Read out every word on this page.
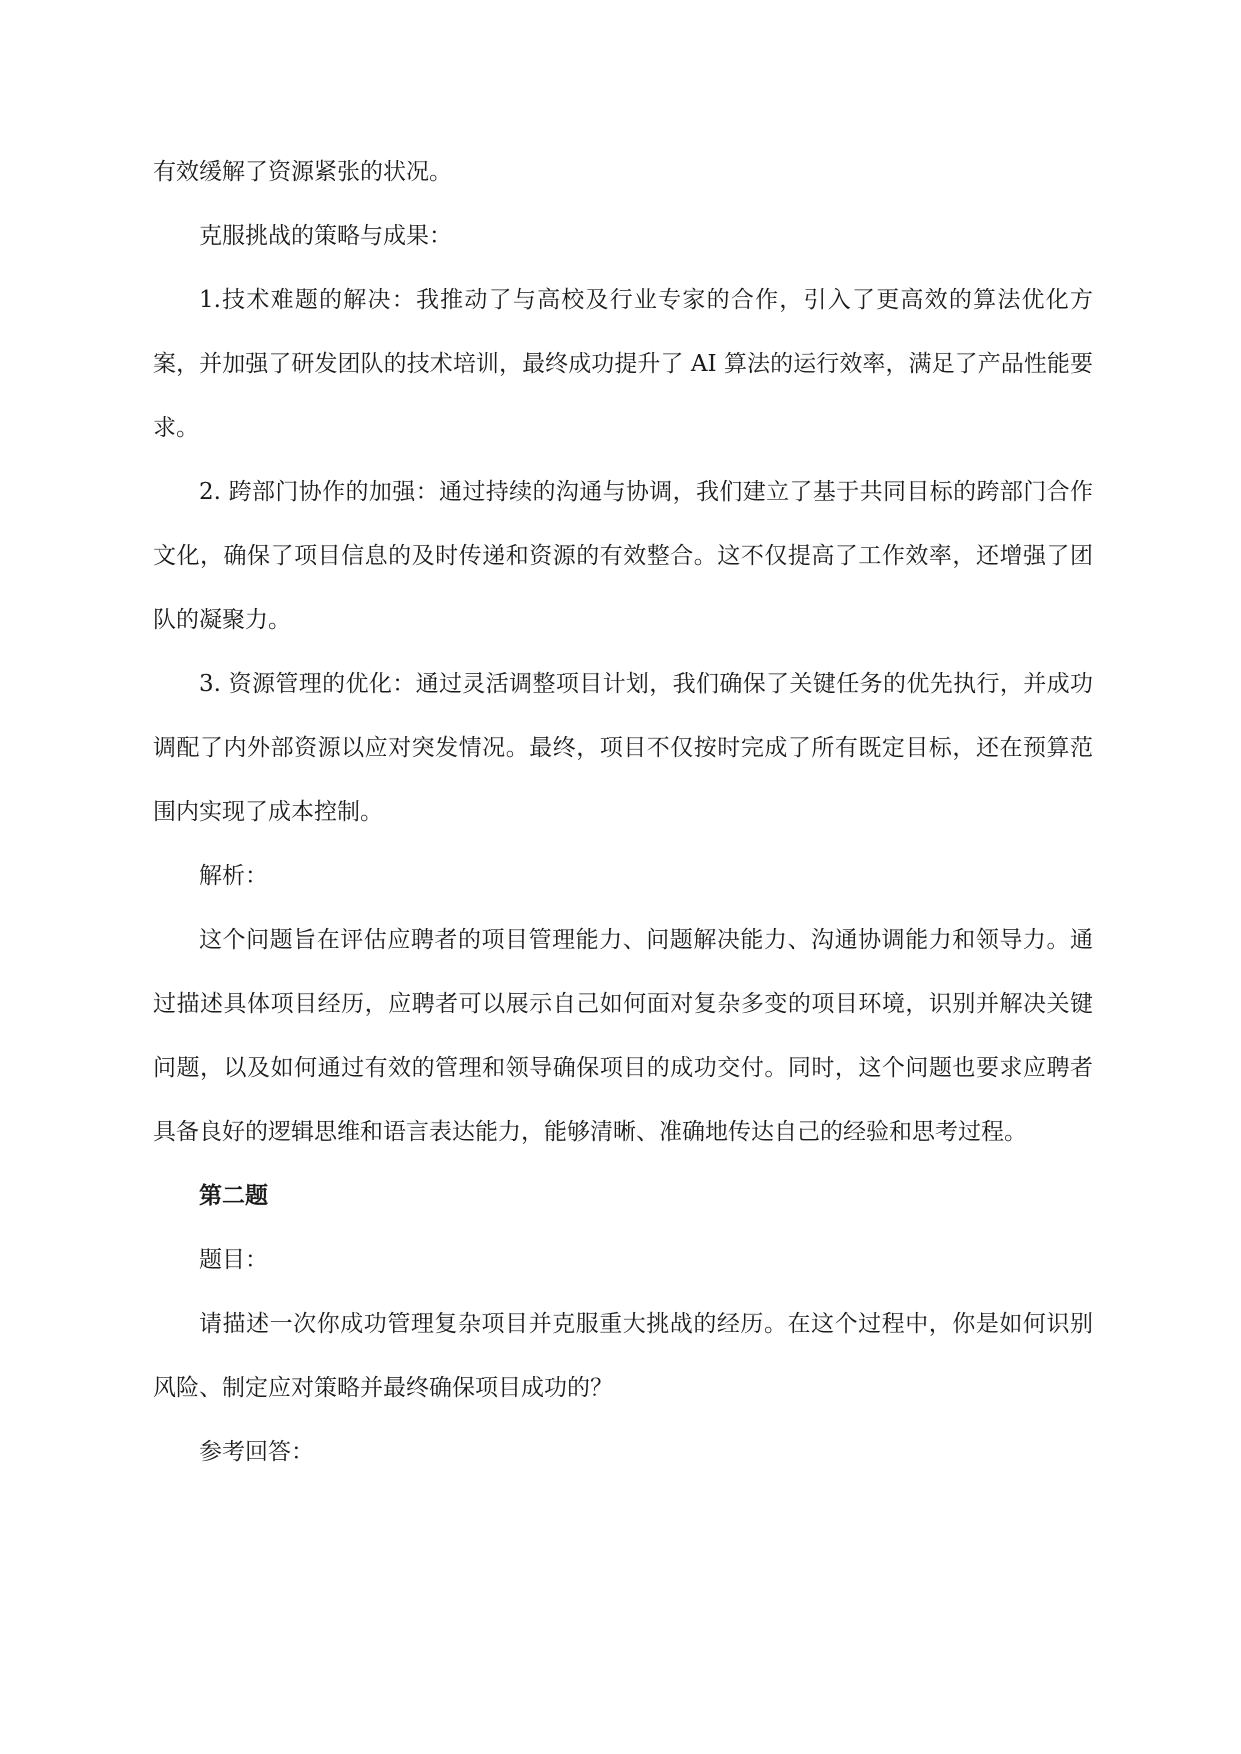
有效缓解了资源紧张的状况。

克服挑战的策略与成果：

1.技术难题的解决：我推动了与高校及行业专家的合作，引入了更高效的算法优化方案，并加强了研发团队的技术培训，最终成功提升了 AI 算法的运行效率，满足了产品性能要求。

2. 跨部门协作的加强：通过持续的沟通与协调，我们建立了基于共同目标的跨部门合作文化，确保了项目信息的及时传递和资源的有效整合。这不仅提高了工作效率，还增强了团队的凝聚力。

3. 资源管理的优化：通过灵活调整项目计划，我们确保了关键任务的优先执行，并成功调配了内外部资源以应对突发情况。最终，项目不仅按时完成了所有既定目标，还在预算范围内实现了成本控制。

解析：

这个问题旨在评估应聘者的项目管理能力、问题解决能力、沟通协调能力和领导力。通过描述具体项目经历，应聘者可以展示自己如何面对复杂多变的项目环境，识别并解决关键问题，以及如何通过有效的管理和领导确保项目的成功交付。同时，这个问题也要求应聘者具备良好的逻辑思维和语言表达能力，能够清晰、准确地传达自己的经验和思考过程。

第二题

题目：

请描述一次你成功管理复杂项目并克服重大挑战的经历。在这个过程中，你是如何识别风险、制定应对策略并最终确保项目成功的？

参考回答：
